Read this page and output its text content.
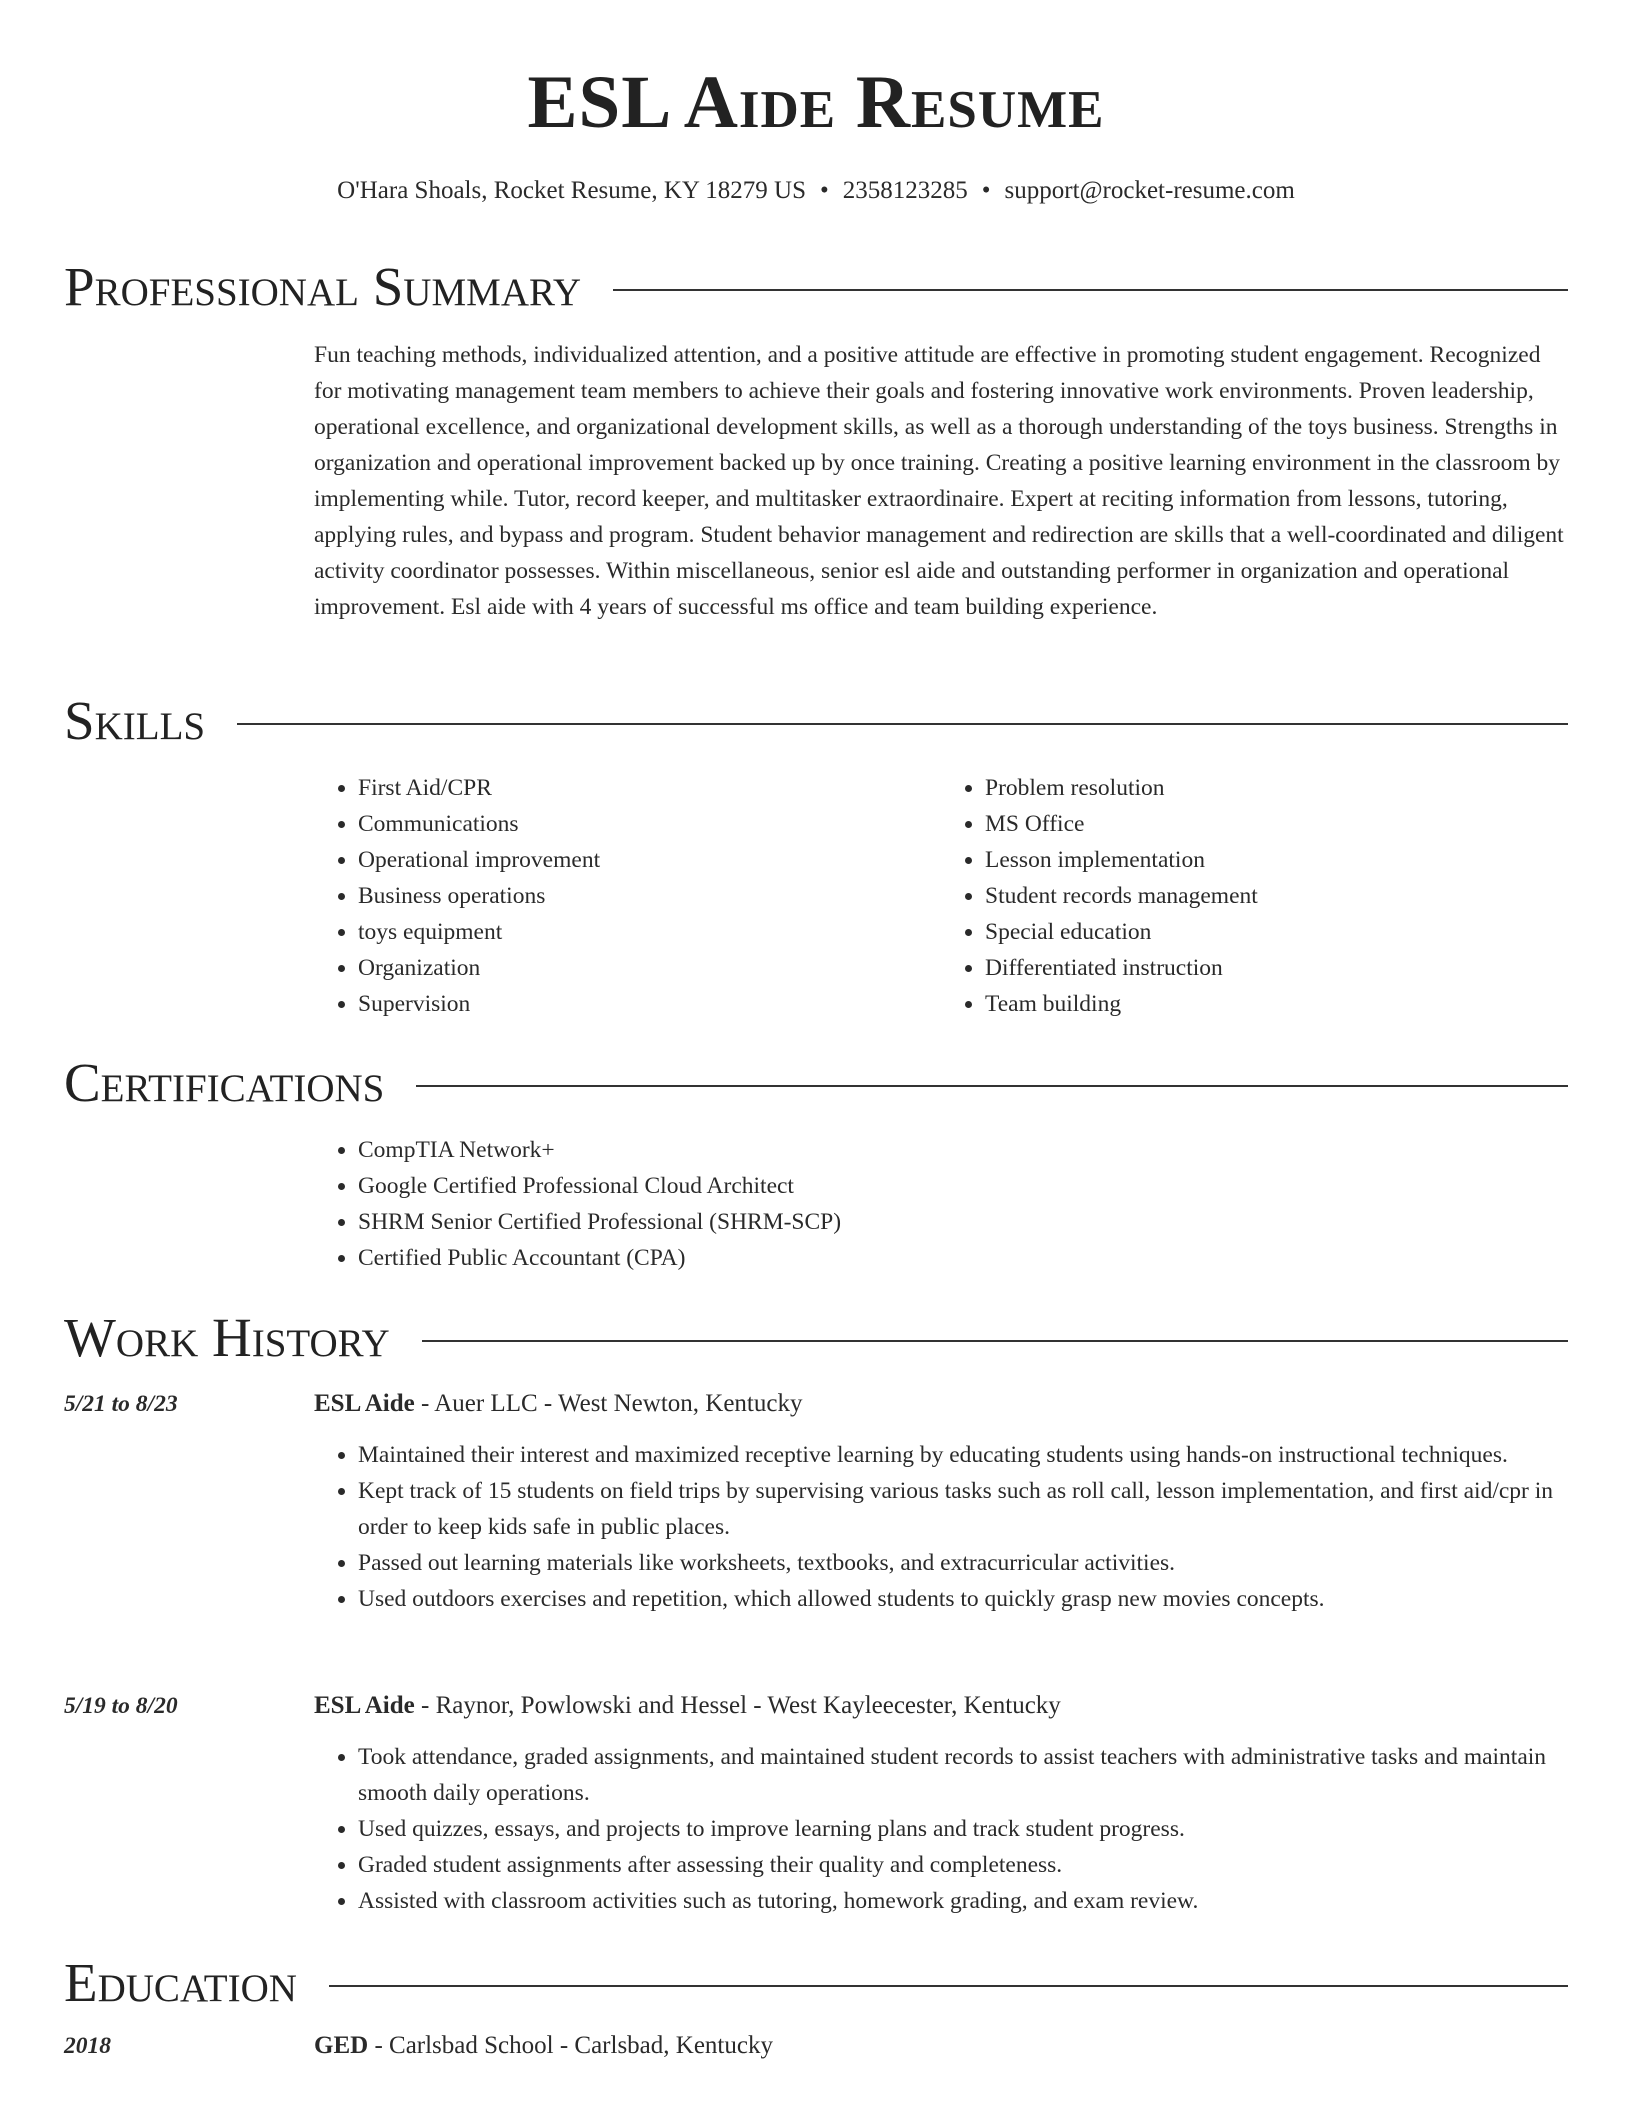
ESL Aide Resume
O'Hara Shoals, Rocket Resume, KY 18279 US • 2358123285 • support@rocket-resume.com
Professional Summary
Fun teaching methods, individualized attention, and a positive attitude are effective in promoting student engagement. Recognized for motivating management team members to achieve their goals and fostering innovative work environments. Proven leadership, operational excellence, and organizational development skills, as well as a thorough understanding of the toys business. Strengths in organization and operational improvement backed up by once training. Creating a positive learning environment in the classroom by implementing while. Tutor, record keeper, and multitasker extraordinaire. Expert at reciting information from lessons, tutoring, applying rules, and bypass and program. Student behavior management and redirection are skills that a well-coordinated and diligent activity coordinator possesses. Within miscellaneous, senior esl aide and outstanding performer in organization and operational improvement. Esl aide with 4 years of successful ms office and team building experience.
Skills
• First Aid/CPR
• Communications
• Operational improvement
• Business operations
• toys equipment
• Organization
• Supervision
• Problem resolution
• MS Office
• Lesson implementation
• Student records management
• Special education
• Differentiated instruction
• Team building
Certifications
• CompTIA Network+
• Google Certified Professional Cloud Architect
• SHRM Senior Certified Professional (SHRM-SCP)
• Certified Public Accountant (CPA)
Work History
5/21 to 8/23	ESL Aide - Auer LLC - West Newton, Kentucky
• Maintained their interest and maximized receptive learning by educating students using hands-on instructional techniques.
• Kept track of 15 students on field trips by supervising various tasks such as roll call, lesson implementation, and first aid/cpr in order to keep kids safe in public places.
• Passed out learning materials like worksheets, textbooks, and extracurricular activities.
• Used outdoors exercises and repetition, which allowed students to quickly grasp new movies concepts.
5/19 to 8/20	ESL Aide - Raynor, Powlowski and Hessel - West Kayleecester, Kentucky
• Took attendance, graded assignments, and maintained student records to assist teachers with administrative tasks and maintain smooth daily operations.
• Used quizzes, essays, and projects to improve learning plans and track student progress.
• Graded student assignments after assessing their quality and completeness.
• Assisted with classroom activities such as tutoring, homework grading, and exam review.
Education
2018	GED - Carlsbad School - Carlsbad, Kentucky
